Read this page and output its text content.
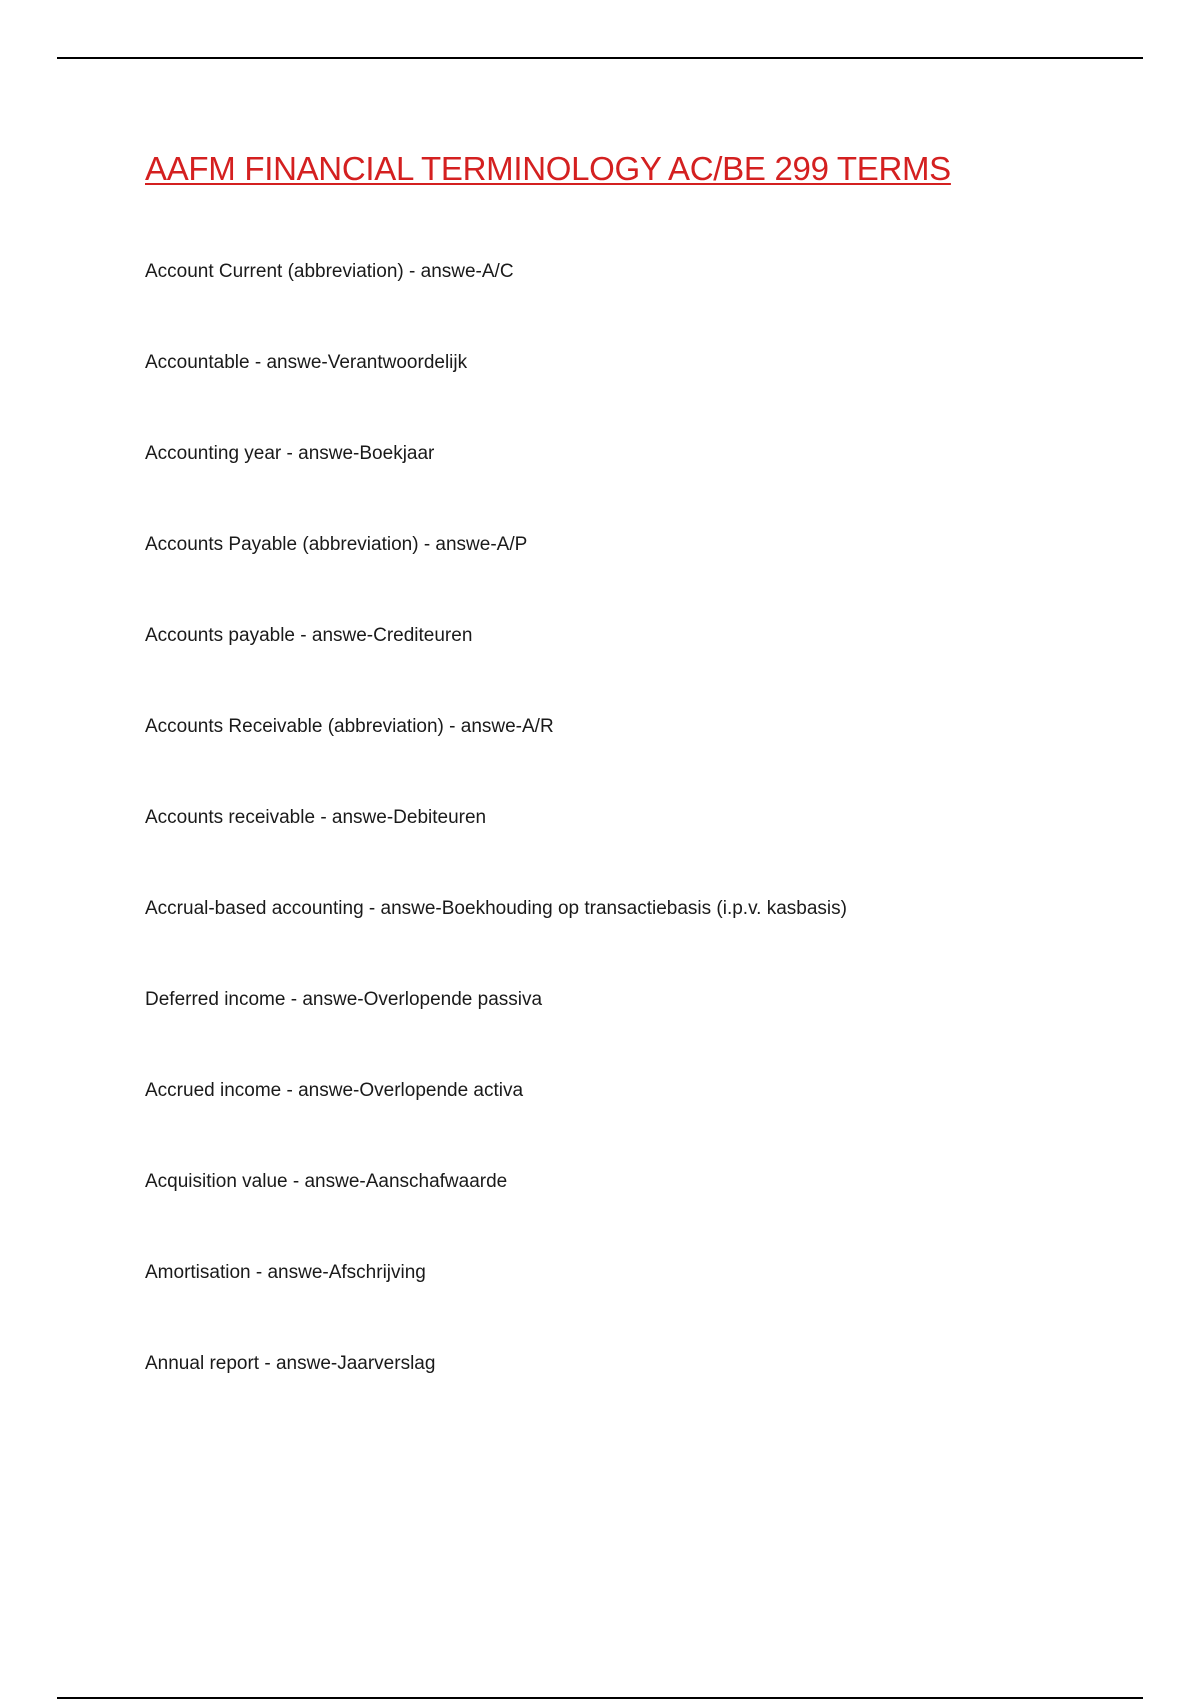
AAFM FINANCIAL TERMINOLOGY AC/BE 299 TERMS
Account Current (abbreviation) - answe-A/C
Accountable - answe-Verantwoordelijk
Accounting year - answe-Boekjaar
Accounts Payable (abbreviation) - answe-A/P
Accounts payable - answe-Crediteuren
Accounts Receivable (abbreviation) - answe-A/R
Accounts receivable - answe-Debiteuren
Accrual-based accounting - answe-Boekhouding op transactiebasis (i.p.v. kasbasis)
Deferred income - answe-Overlopende passiva
Accrued income - answe-Overlopende activa
Acquisition value - answe-Aanschafwaarde
Amortisation - answe-Afschrijving
Annual report - answe-Jaarverslag
